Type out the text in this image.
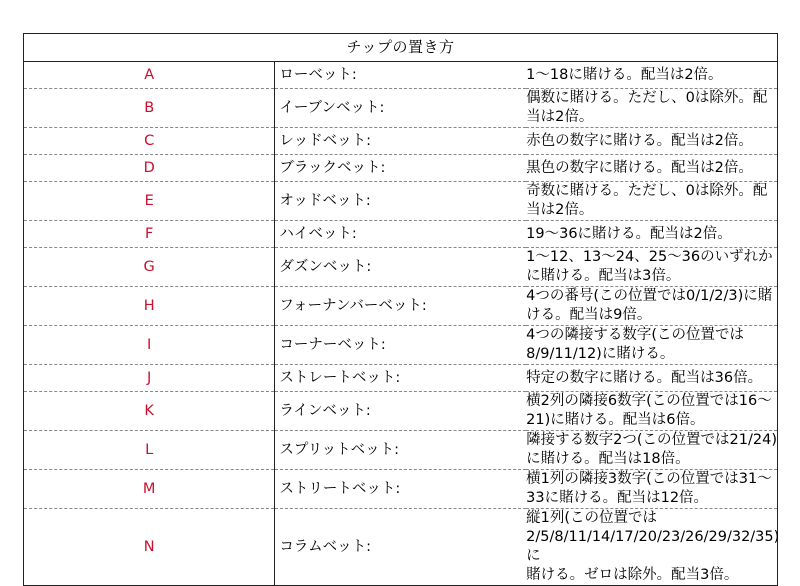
チップの置き方		
A	ローベット:	1～18に賭ける。配当は2倍。
B	イーブンベット:	偶数に賭ける。ただし、0は除外。配当は2倍。
C	レッドベット:	赤色の数字に賭ける。配当は2倍。
D	ブラックベット:	黒色の数字に賭ける。配当は2倍。
E	オッドベット:	奇数に賭ける。ただし、0は除外。配当は2倍。
F	ハイベット:	19～36に賭ける。配当は2倍。
G	ダズンベット:	1～12、13～24、25～36のいずれかに賭ける。配当は3倍。
H	フォーナンバーベット:	4つの番号(この位置では0/1/2/3)に賭ける。配当は9倍。
I	コーナーベット:	4つの隣接する数字(この位置では8/9/11/12)に賭ける。
J	ストレートベット:	特定の数字に賭ける。配当は36倍。
K	ラインベット:	横2列の隣接6数字(この位置では16～21)に賭ける。配当は6倍。
L	スプリットベット:	隣接する数字2つ(この位置では21/24)に賭ける。配当は18倍。
M	ストリートベット:	横1列の隣接3数字(この位置では31～33に賭ける。配当は12倍。
N	コラムベット:	縦1列(この位置では2/5/8/11/14/17/20/23/26/29/32/35)に
賭ける。ゼロは除外。配当3倍。
